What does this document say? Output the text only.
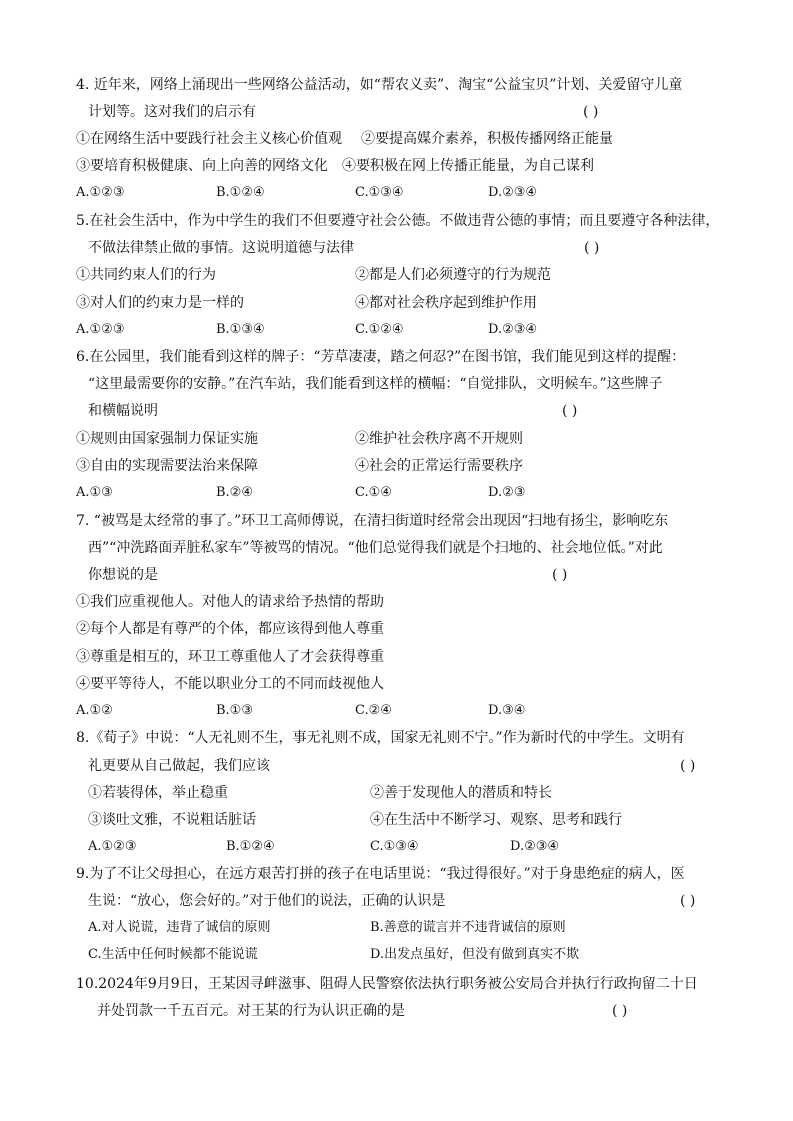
4. 近年来，网络上涌现出一些网络公益活动，如“帮农义卖”、淘宝“公益宝贝”计划、关爱留守儿童
计划等。这对我们的启示有	( )
①在网络生活中要践行社会主义核心价值观 ②要提高媒介素养，积极传播网络正能量
③要培育积极健康、向上向善的网络文化 ④要积极在网上传播正能量，为自己谋利
A.①②③	B.①②④	C.①③④	D.②③④
5.在社会生活中，作为中学生的我们不但要遵守社会公德。不做违背公德的事情；而且要遵守各种法律，
不做法律禁止做的事情。这说明道德与法律	( )
①共同约束人们的行为	②都是人们必须遵守的行为规范
③对人们的约束力是一样的	④都对社会秩序起到维护作用
A.①②③	B.①③④	C.①②④	D.②③④
6.在公园里，我们能看到这样的牌子：“芳草凄凄，踏之何忍?”在图书馆，我们能见到这样的提醒：
“这里最需要你的安静。”在汽车站，我们能看到这样的横幅：“自觉排队，文明候车。”这些牌子
和横幅说明	( )
①规则由国家强制力保证实施	②维护社会秩序离不开规则
③自由的实现需要法治来保障	④社会的正常运行需要秩序
A.①③	B.②④	C.①④	D.②③
7. “被骂是太经常的事了。”环卫工高师傅说，在清扫街道时经常会出现因“扫地有扬尘，影响吃东
西”“冲洗路面弄脏私家车”等被骂的情况。“他们总觉得我们就是个扫地的、社会地位低。”对此
你想说的是	( )
①我们应重视他人。对他人的请求给予热情的帮助
②每个人都是有尊严的个体，都应该得到他人尊重
③尊重是相互的，环卫工尊重他人了才会获得尊重
④要平等待人，不能以职业分工的不同而歧视他人
A.①②	B.①③	C.②④	D.③④
8.《荀子》中说：“人无礼则不生，事无礼则不成，国家无礼则不宁。”作为新时代的中学生。文明有
礼更要从自己做起，我们应该	( )
①若装得体，举止稳重	②善于发现他人的潜质和特长
③谈吐文雅，不说粗话脏话	④在生活中不断学习、观察、思考和践行
A.①②③	B.①②④	C.①③④	D.②③④
9.为了不让父母担心，在远方艰苦打拼的孩子在电话里说：“我过得很好。”对于身患绝症的病人，医
生说：“放心，您会好的。”对于他们的说法，正确的认识是	( )
A.对人说谎，违背了诚信的原则	B.善意的谎言并不违背诚信的原则
C.生活中任何时候都不能说谎	D.出发点虽好，但没有做到真实不欺
10.2024年9月9日，王某因寻衅滋事、阻碍人民警察依法执行职务被公安局合并执行行政拘留二十日
并处罚款一千五百元。对王某的行为认识正确的是	( )
